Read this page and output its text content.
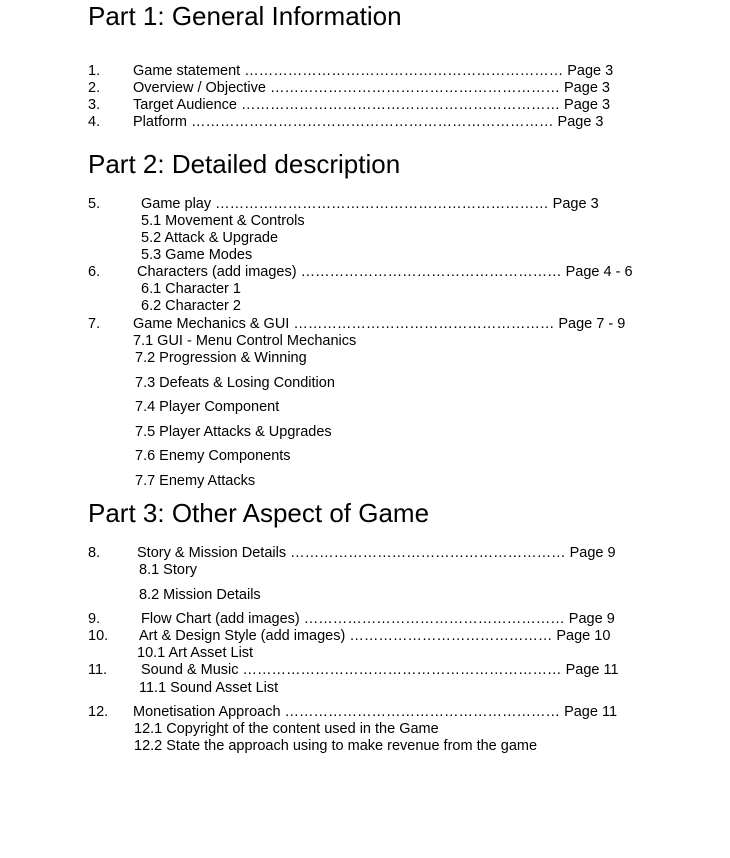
Part 1: General Information
1. Game statement ………………………………………………………… Page 3
2. Overview / Objective …………………………………………………… Page 3
3. Target Audience ………………………………………………………… Page 3
4. Platform ………………………………………………………………… Page 3
Part 2: Detailed description
5.	Game play …………………………………………………………… Page 3
5.1 Movement & Controls
5.2 Attack & Upgrade
5.3 Game Modes
6.	Characters (add images) ……………………………………………… Page 4 - 6
6.1 Character 1
6.2 Character 2
7. Game Mechanics & GUI ……………………………………………… Page 7 - 9
7.1 GUI - Menu Control Mechanics
7.2 Progression & Winning
7.3 Defeats & Losing Condition
7.4 Player Component
7.5 Player Attacks & Upgrades
7.6 Enemy Components
7.7 Enemy Attacks
Part 3: Other Aspect of Game
8.	Story & Mission Details ………………………………………………… Page 9
8.1 Story
8.2 Mission Details
9.	Flow Chart (add images) ……………………………………………… Page 9
10. Art & Design Style (add images) …………………………………… Page 10
10.1 Art Asset List
11. Sound & Music ………………………………………………………… Page 11
11.1 Sound Asset List
12. Monetisation Approach ………………………………………………… Page 11
12.1 Copyright of the content used in the Game
12.2 State the approach using to make revenue from the game
